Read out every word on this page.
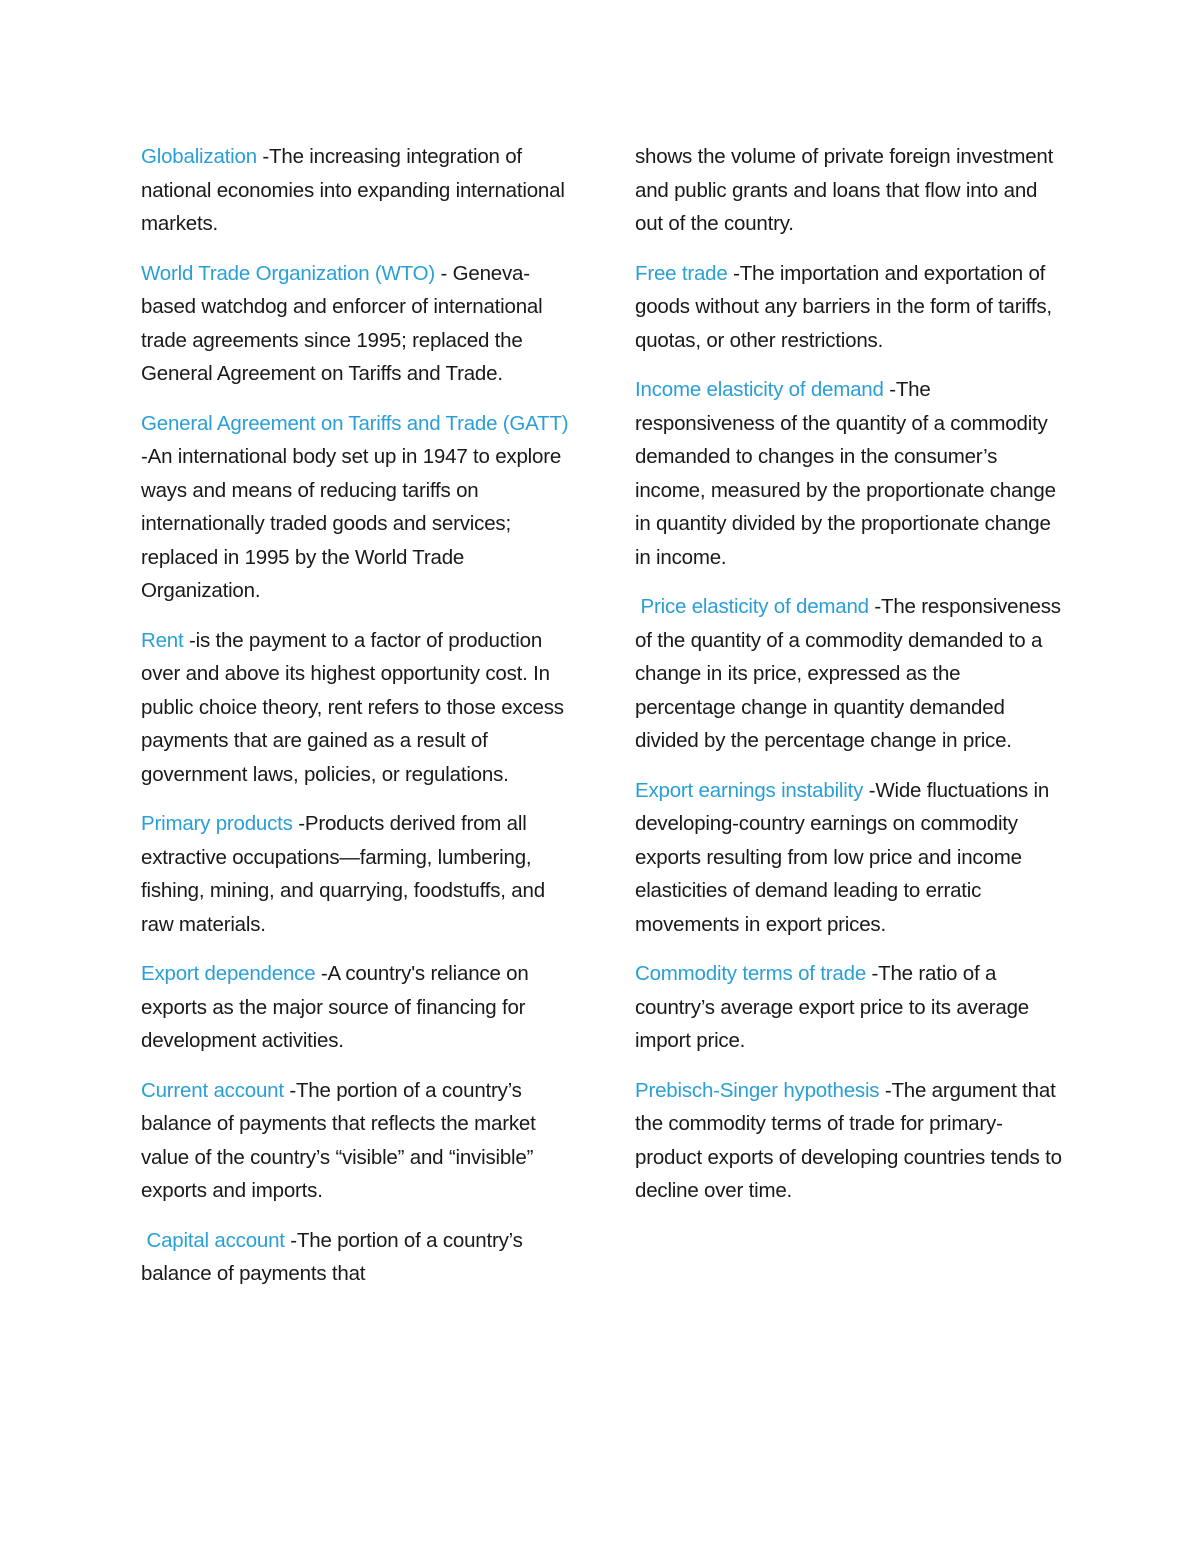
Globalization -The increasing integration of national economies into expanding international markets.

World Trade Organization (WTO) - Geneva-based watchdog and enforcer of international trade agreements since 1995; replaced the General Agreement on Tariffs and Trade.

General Agreement on Tariffs and Trade (GATT) -An international body set up in 1947 to explore ways and means of reducing tariffs on internationally traded goods and services; replaced in 1995 by the World Trade Organization.

Rent -is the payment to a factor of production over and above its highest opportunity cost. In public choice theory, rent refers to those excess payments that are gained as a result of government laws, policies, or regulations.

Primary products -Products derived from all extractive occupations—farming, lumbering, fishing, mining, and quarrying, foodstuffs, and raw materials.

Export dependence -A country's reliance on exports as the major source of financing for development activities.

Current account -The portion of a country’s balance of payments that reflects the market value of the country’s “visible” and “invisible” exports and imports.

Capital account -The portion of a country’s balance of payments that

shows the volume of private foreign investment and public grants and loans that flow into and out of the country.

Free trade -The importation and exportation of goods without any barriers in the form of tariffs, quotas, or other restrictions.

Income elasticity of demand -The responsiveness of the quantity of a commodity demanded to changes in the consumer’s income, measured by the proportionate change in quantity divided by the proportionate change in income.

Price elasticity of demand -The responsiveness of the quantity of a commodity demanded to a change in its price, expressed as the percentage change in quantity demanded divided by the percentage change in price.

Export earnings instability -Wide fluctuations in developing-country earnings on commodity exports resulting from low price and income elasticities of demand leading to erratic movements in export prices.

Commodity terms of trade -The ratio of a country’s average export price to its average import price.

Prebisch-Singer hypothesis -The argument that the commodity terms of trade for primary-product exports of developing countries tends to decline over time.
